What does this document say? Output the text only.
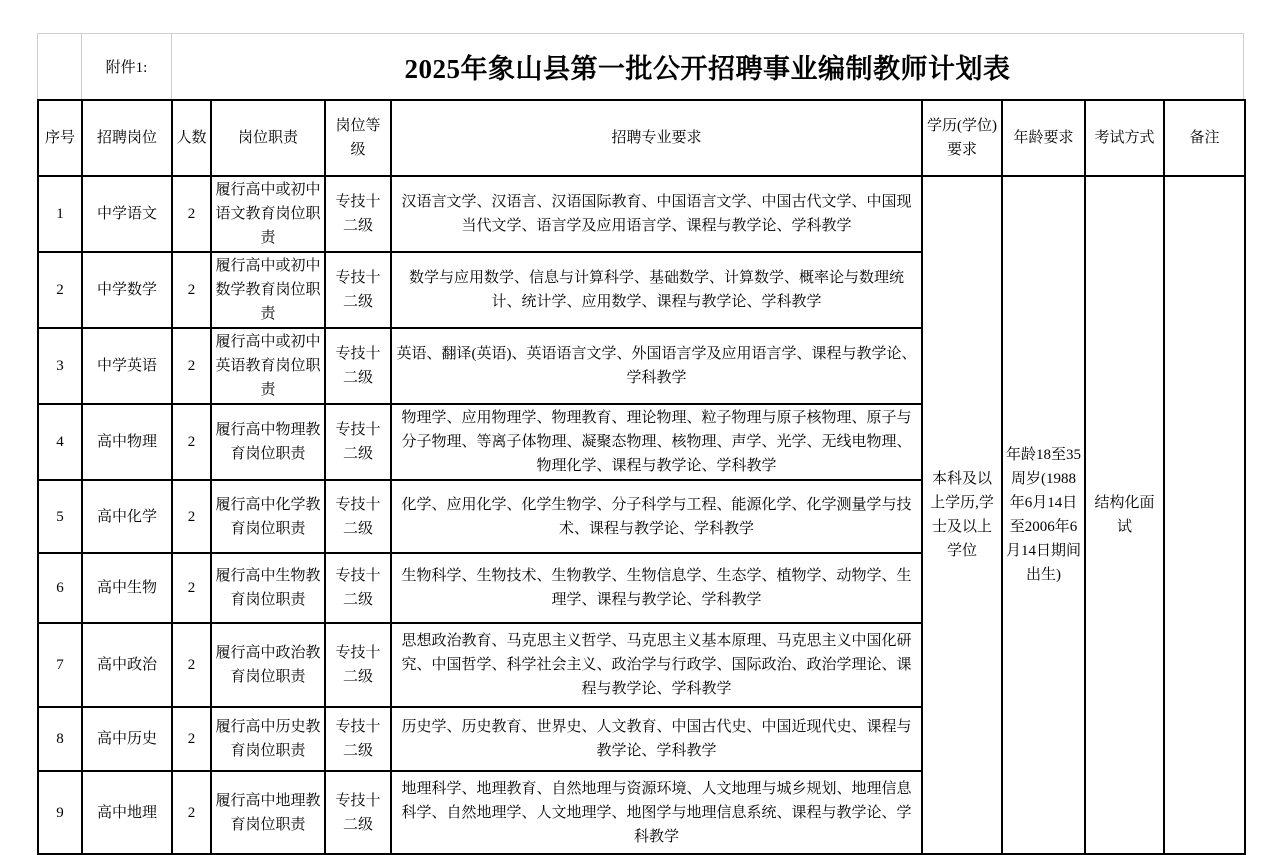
附件1:	2025年象山县第一批公开招聘事业编制教师计划表
序号	招聘岗位	人数	岗位职责	岗位等级	招聘专业要求	学历(学位)要求	年龄要求	考试方式	备注
1	中学语文	2	履行高中或初中语文教育岗位职责	专技十二级	汉语言文学、汉语言、汉语国际教育、中国语言文学、中国古代文学、中国现当代文学、语言学及应用语言学、课程与教学论、学科教学	本科及以上学历,学士及以上学位	年龄18至35周岁(1988年6月14日至2006年6月14日期间出生)	结构化面试	
2	中学数学	2	履行高中或初中数学教育岗位职责	专技十二级	数学与应用数学、信息与计算科学、基础数学、计算数学、概率论与数理统计、统计学、应用数学、课程与教学论、学科教学				
3	中学英语	2	履行高中或初中英语教育岗位职责	专技十二级	英语、翻译(英语)、英语语言文学、外国语言学及应用语言学、课程与教学论、学科教学				
4	高中物理	2	履行高中物理教育岗位职责	专技十二级	物理学、应用物理学、物理教育、理论物理、粒子物理与原子核物理、原子与分子物理、等离子体物理、凝聚态物理、核物理、声学、光学、无线电物理、物理化学、课程与教学论、学科教学				
5	高中化学	2	履行高中化学教育岗位职责	专技十二级	化学、应用化学、化学生物学、分子科学与工程、能源化学、化学测量学与技术、课程与教学论、学科教学				
6	高中生物	2	履行高中生物教育岗位职责	专技十二级	生物科学、生物技术、生物教学、生物信息学、生态学、植物学、动物学、生理学、课程与教学论、学科教学				
7	高中政治	2	履行高中政治教育岗位职责	专技十二级	思想政治教育、马克思主义哲学、马克思主义基本原理、马克思主义中国化研究、中国哲学、科学社会主义、政治学与行政学、国际政治、政治学理论、课程与教学论、学科教学				
8	高中历史	2	履行高中历史教育岗位职责	专技十二级	历史学、历史教育、世界史、人文教育、中国古代史、中国近现代史、课程与教学论、学科教学				
9	高中地理	2	履行高中地理教育岗位职责	专技十二级	地理科学、地理教育、自然地理与资源环境、人文地理与城乡规划、地理信息科学、自然地理学、人文地理学、地图学与地理信息系统、课程与教学论、学科教学				
